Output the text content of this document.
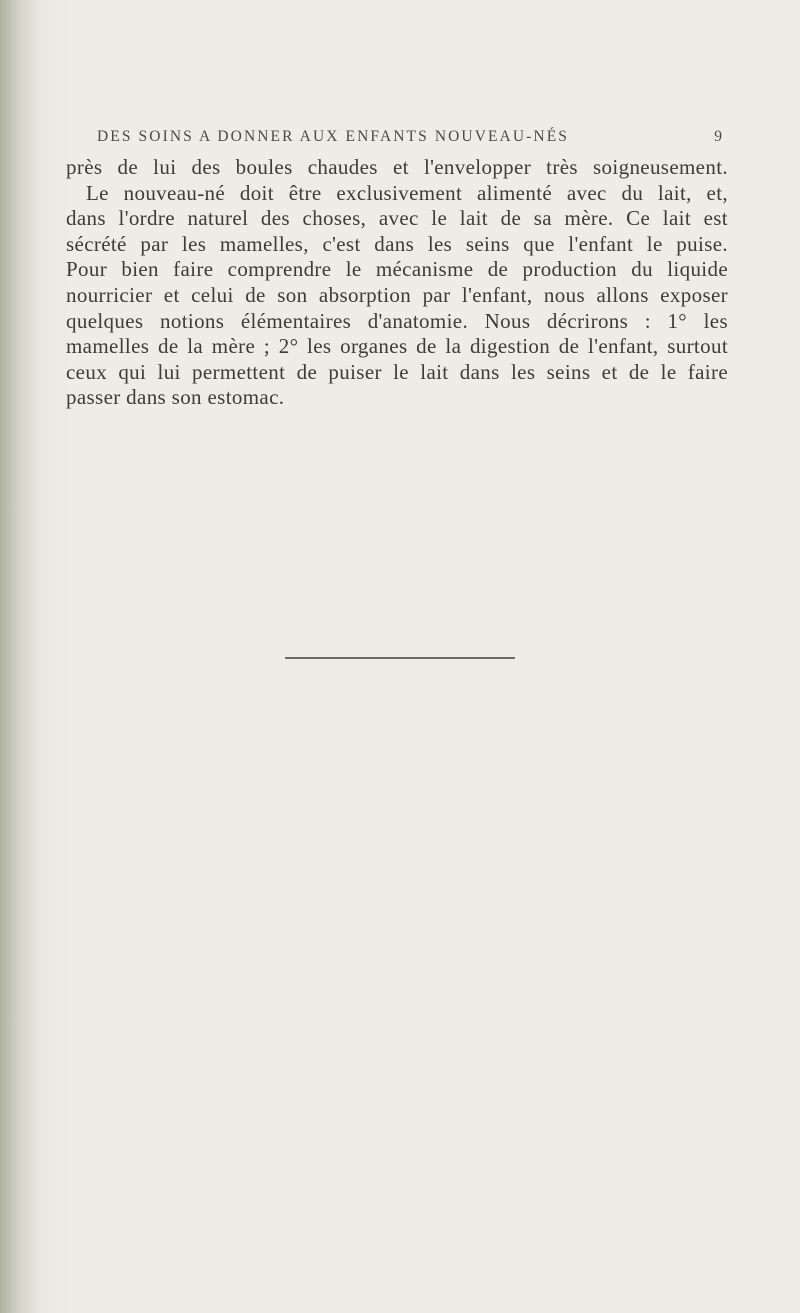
DES SOINS A DONNER AUX ENFANTS NOUVEAU-NÉS	9
près de lui des boules chaudes et l'envelopper très soigneusement.
Le nouveau-né doit être exclusivement alimenté avec du lait, et,
dans l'ordre naturel des choses, avec le lait de sa mère. Ce lait est
sécrété par les mamelles, c'est dans les seins que l'enfant le puise.
Pour bien faire comprendre le mécanisme de production du liquide
nourricier et celui de son absorption par l'enfant, nous allons exposer
quelques notions élémentaires d'anatomie. Nous décrirons : 1° les
mamelles de la mère ; 2° les organes de la digestion de l'enfant, surtout
ceux qui lui permettent de puiser le lait dans les seins et de le faire
passer dans son estomac.
